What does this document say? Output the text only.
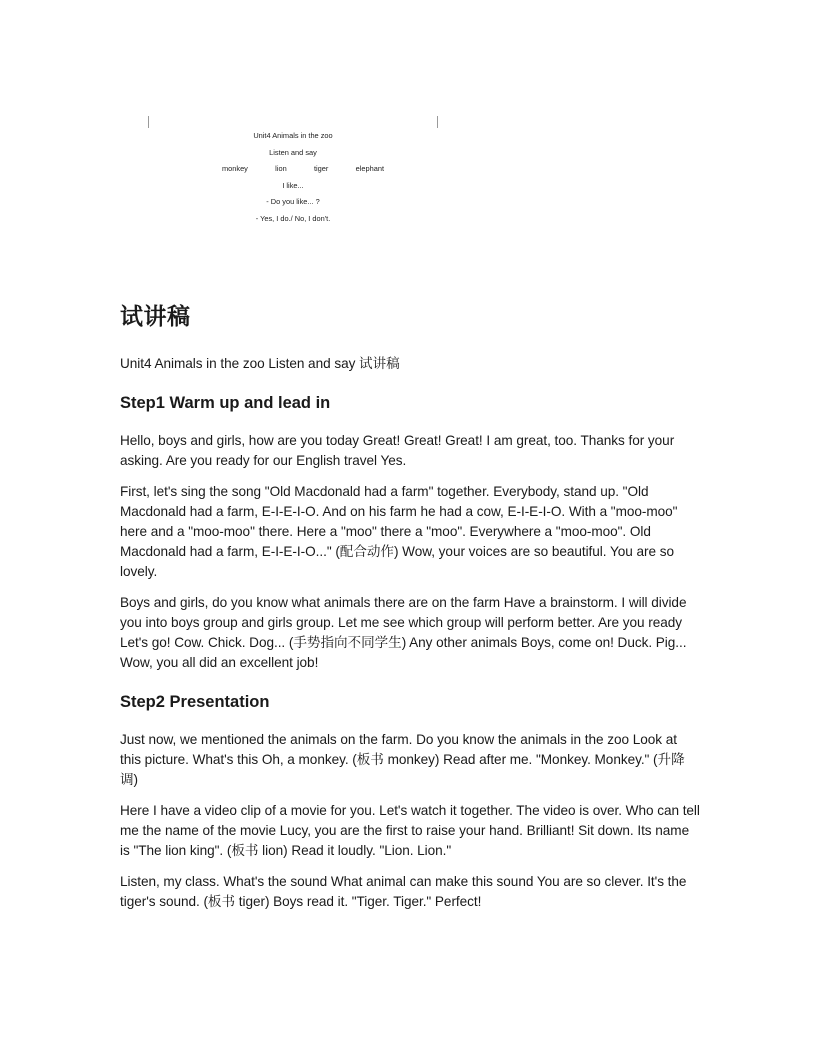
Unit4 Animals in the zoo
Listen and say
monkey	lion	tiger	elephant
I like...
- Do you like... ?
- Yes, I do./ No, I don't.
试讲稿

Unit4 Animals in the zoo Listen and say 试讲稿

Step1 Warm up and lead in

Hello, boys and girls, how are you today Great! Great! Great! I am great, too. Thanks for your asking. Are you ready for our English travel Yes.

First, let's sing the song "Old Macdonald had a farm" together. Everybody, stand up. "Old Macdonald had a farm, E-I-E-I-O. And on his farm he had a cow, E-I-E-I-O. With a "moo-moo" here and a "moo-moo" there. Here a "moo" there a "moo". Everywhere a "moo-moo". Old Macdonald had a farm, E-I-E-I-O..." (配合动作) Wow, your voices are so beautiful. You are so lovely.

Boys and girls, do you know what animals there are on the farm Have a brainstorm. I will divide you into boys group and girls group. Let me see which group will perform better. Are you ready Let's go! Cow. Chick. Dog... (手势指向不同学生) Any other animals Boys, come on! Duck. Pig... Wow, you all did an excellent job!

Step2 Presentation

Just now, we mentioned the animals on the farm. Do you know the animals in the zoo Look at this picture. What's this Oh, a monkey. (板书 monkey) Read after me. "Monkey. Monkey." (升降调)

Here I have a video clip of a movie for you. Let's watch it together. The video is over. Who can tell me the name of the movie Lucy, you are the first to raise your hand. Brilliant! Sit down. Its name is "The lion king". (板书 lion) Read it loudly. "Lion. Lion."

Listen, my class. What's the sound What animal can make this sound You are so clever. It's the tiger's sound. (板书 tiger) Boys read it. "Tiger. Tiger." Perfect!
